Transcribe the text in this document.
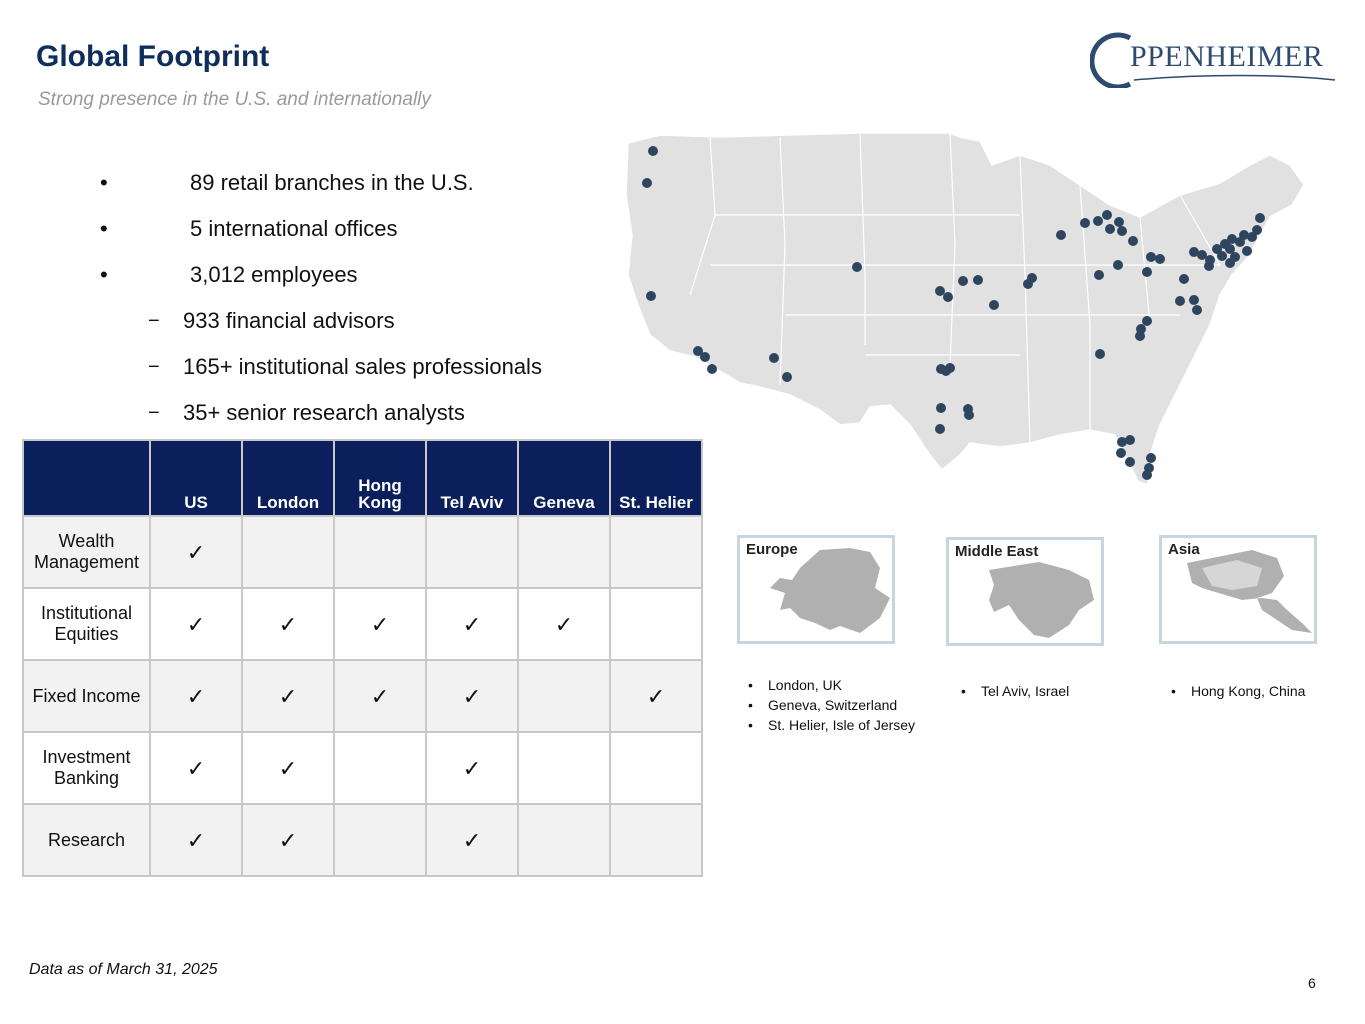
Global Footprint
Strong presence in the U.S. and internationally
PPENHEIMER
• 89 retail branches in the U.S.
• 5 international offices
• 3,012 employees
− 933 financial advisors
− 165+ institutional sales professionals
− 35+ senior research analysts
	US	London	Hong Kong	Tel Aviv	Geneva	St. Helier
Wealth Management	✓					
Institutional Equities	✓	✓	✓	✓	✓	
Fixed Income	✓	✓	✓	✓		✓
Investment Banking	✓	✓		✓		
Research	✓	✓		✓		
Europe	Middle East	Asia
• London, UK
• Geneva, Switzerland
• St. Helier, Isle of Jersey
• Tel Aviv, Israel	• Hong Kong, China
Data as of March 31, 2025
6
